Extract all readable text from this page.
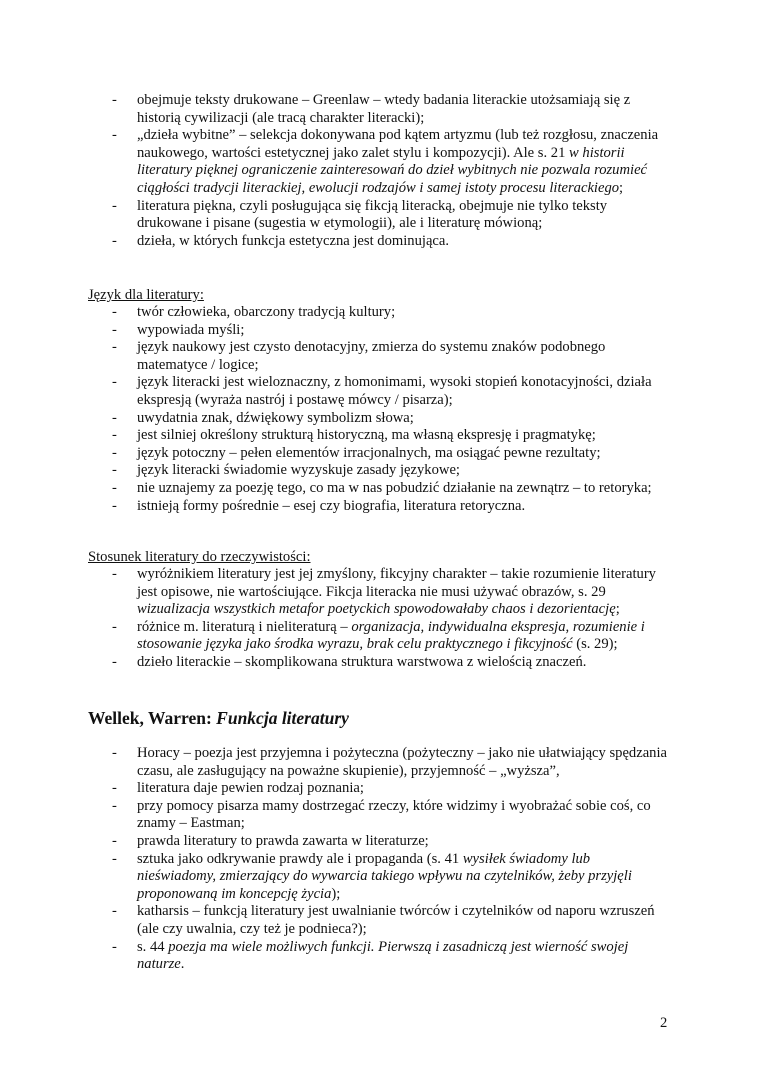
- obejmuje teksty drukowane – Greenlaw – wtedy badania literackie utożsamiają się z historią cywilizacji (ale tracą charakter literacki);
- „dzieła wybitne” – selekcja dokonywana pod kątem artyzmu (lub też rozgłosu, znaczenia naukowego, wartości estetycznej jako zalet stylu i kompozycji). Ale s. 21 w historii literatury pięknej ograniczenie zainteresowań do dzieł wybitnych nie pozwala rozumieć ciągłości tradycji literackiej, ewolucji rodzajów i samej istoty procesu literackiego;
- literatura piękna, czyli posługująca się fikcją literacką, obejmuje nie tylko teksty drukowane i pisane (sugestia w etymologii), ale i literaturę mówioną;
- dzieła, w których funkcja estetyczna jest dominująca.
Język dla literatury:
- twór człowieka, obarczony tradycją kultury;
- wypowiada myśli;
- język naukowy jest czysto denotacyjny, zmierza do systemu znaków podobnego matematyce / logice;
- język literacki jest wieloznaczny, z homonimami, wysoki stopień konotacyjności, działa ekspresją (wyraża nastrój i postawę mówcy / pisarza);
- uwydatnia znak, dźwiękowy symbolizm słowa;
- jest silniej określony strukturą historyczną, ma własną ekspresję i pragmatykę;
- język potoczny – pełen elementów irracjonalnych, ma osiągać pewne rezultaty;
- język literacki świadomie wyzyskuje zasady językowe;
- nie uznajemy za poezję tego, co ma w nas pobudzić działanie na zewnątrz – to retoryka;
- istnieją formy pośrednie – esej czy biografia, literatura retoryczna.
Stosunek literatury do rzeczywistości:
- wyróżnikiem literatury jest jej zmyślony, fikcyjny charakter – takie rozumienie literatury jest opisowe, nie wartościujące. Fikcja literacka nie musi używać obrazów, s. 29 wizualizacja wszystkich metafor poetyckich spowodowałaby chaos i dezorientację;
- różnice m. literaturą i nieliteraturą – organizacja, indywidualna ekspresja, rozumienie i stosowanie języka jako środka wyrazu, brak celu praktycznego i fikcyjność (s. 29);
- dzieło literackie – skomplikowana struktura warstwowa z wielością znaczeń.
Wellek, Warren: Funkcja literatury
- Horacy – poezja jest przyjemna i pożyteczna (pożyteczny – jako nie ułatwiający spędzania czasu, ale zasługujący na poważne skupienie), przyjemność – „wyższa”,
- literatura daje pewien rodzaj poznania;
- przy pomocy pisarza mamy dostrzegać rzeczy, które widzimy i wyobrażać sobie coś, co znamy – Eastman;
- prawda literatury to prawda zawarta w literaturze;
- sztuka jako odkrywanie prawdy ale i propaganda (s. 41 wysiłek świadomy lub nieświadomy, zmierzający do wywarcia takiego wpływu na czytelników, żeby przyjęli proponowaną im koncepcję życia);
- katharsis – funkcją literatury jest uwalnianie twórców i czytelników od naporu wzruszeń (ale czy uwalnia, czy też je podnieca?);
- s. 44 poezja ma wiele możliwych funkcji. Pierwszą i zasadniczą jest wierność swojej naturze.
2
